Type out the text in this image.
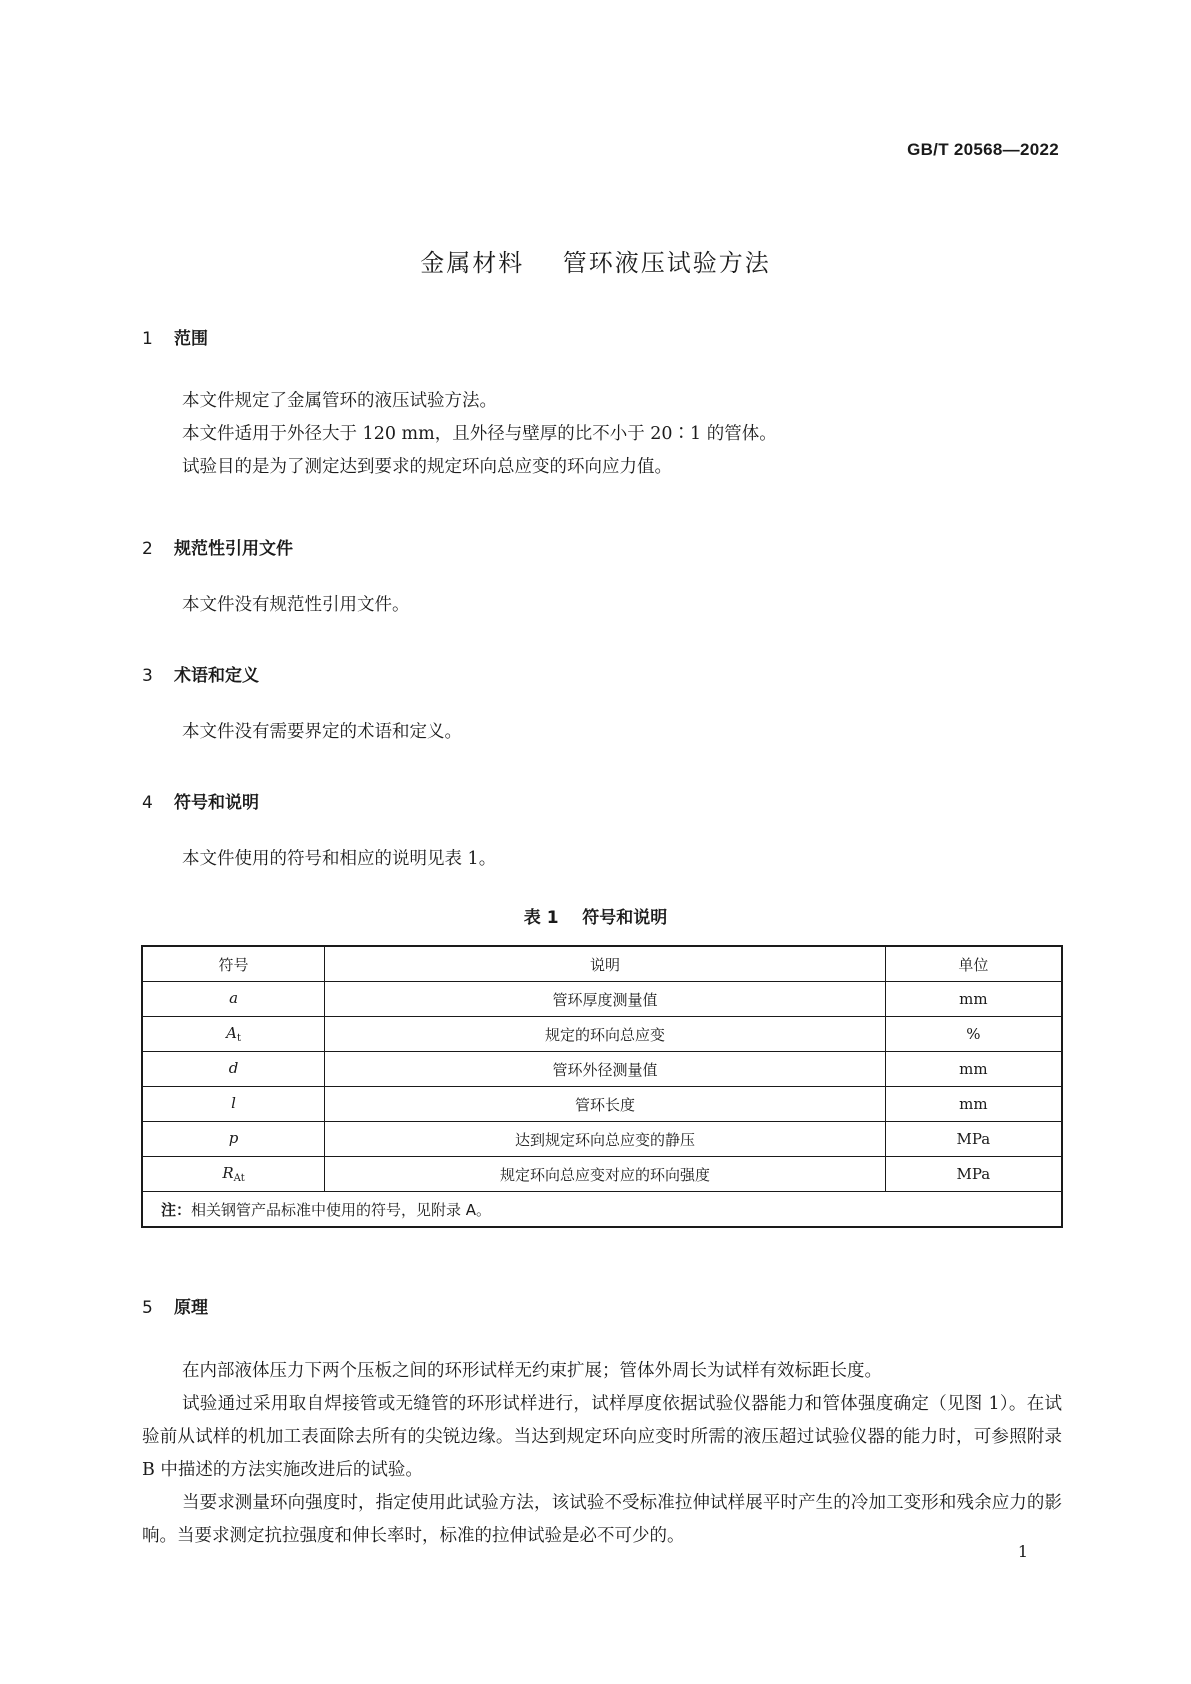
GB/T 20568—2022
金属材料    管环液压试验方法
1 范围

本文件规定了金属管环的液压试验方法。

本文件适用于外径大于 120 mm，且外径与壁厚的比不小于 20∶1 的管体。

试验目的是为了测定达到要求的规定环向总应变的环向应力值。

2 规范性引用文件

本文件没有规范性引用文件。

3 术语和定义

本文件没有需要界定的术语和定义。

4 符号和说明

本文件使用的符号和相应的说明见表 1。

表 1    符号和说明
符号	说明	单位
a	管环厚度测量值	mm
$A_t$	规定的环向总应变	%
d	管环外径测量值	mm
l	管环长度	mm
p	达到规定环向总应变的静压	MPa
$R_{At}$	规定环向总应变对应的环向强度	MPa
注：相关钢管产品标准中使用的符号，见附录 A。		
5 原理

在内部液体压力下两个压板之间的环形试样无约束扩展；管体外周长为试样有效标距长度。

试验通过采用取自焊接管或无缝管的环形试样进行，试样厚度依据试验仪器能力和管体强度确定（见图 1）。在试验前从试样的机加工表面除去所有的尖锐边缘。当达到规定环向应变时所需的液压超过试验仪器的能力时，可参照附录 B 中描述的方法实施改进后的试验。

当要求测量环向强度时，指定使用此试验方法，该试验不受标准拉伸试样展平时产生的冷加工变形和残余应力的影响。当要求测定抗拉强度和伸长率时，标准的拉伸试验是必不可少的。

1
